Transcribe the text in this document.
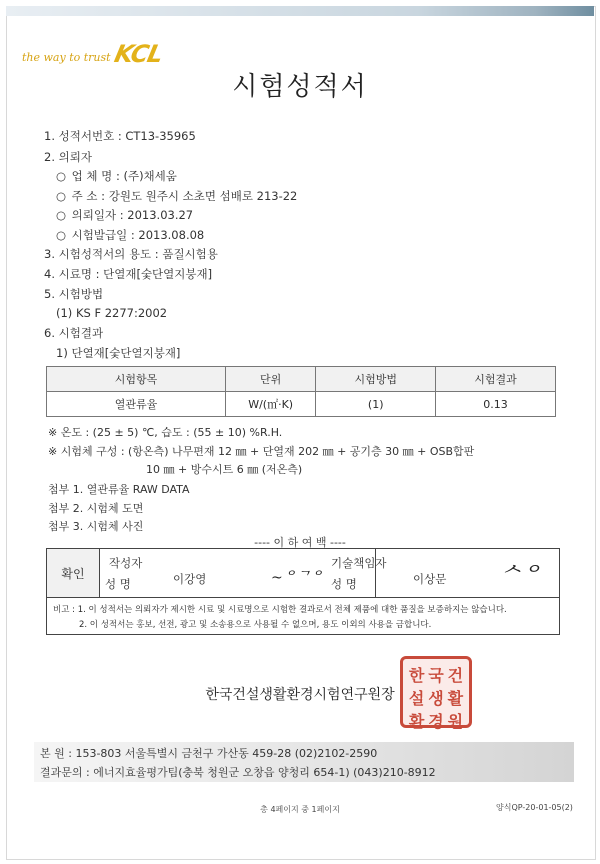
the way to trust KCL
시험성적서
1. 성적서번호 : CT13-35965
2. 의뢰자
○ 업 체 명 : (주)채세움
○ 주 소 : 강원도 원주시 소초면 섬배로 213-22
○ 의뢰일자 : 2013.03.27
○ 시험발급일 : 2013.08.08
3. 시험성적서의 용도 : 품질시험용
4. 시료명 : 단열재[숯단열지붕재]
5. 시험방법
(1) KS F 2277:2002
6. 시험결과
1) 단열재[숯단열지붕재]
시험항목	단위	시험방법	시험결과
열관류율	W/(㎡·K)	(1)	0.13
※ 온도 : (25 ± 5) ℃, 습도 : (55 ± 10) %R.H.
※ 시험체 구성 : (항온측) 나무편재 12 ㎜ + 단열재 202 ㎜ + 공기층 30 ㎜ + OSB합판
10 ㎜ + 방수시트 6 ㎜ (저온측)
첨부 1. 열관류율 RAW DATA
첨부 2. 시험체 도면
첨부 3. 시험체 사진
---- 이 하 여 백 ----
확인
작성자
성 명	이강영	~ᄋᄀᄋ
기술책임자
성 명	이상문 ᄉᄋ
비고 : 1. 이 성적서는 의뢰자가 제시한 시료 및 시료명으로 시험한 결과로서 전체 제품에 대한 품질을 보증하지는 않습니다.
2. 이 성적서는 홍보, 선전, 광고 및 소송용으로 사용될 수 없으며, 용도 이외의 사용을 금합니다.
한 국 건
설 생 활
환 경 원
한국건설생활환경시험연구원장
본 원 : 153-803 서울특별시 금천구 가산동 459-28 (02)2102-2590
결과문의 : 에너지효율평가팀(충북 청원군 오창읍 양청리 654-1) (043)210-8912
총 4페이지 중 1페이지	양식QP-20-01-05(2)
